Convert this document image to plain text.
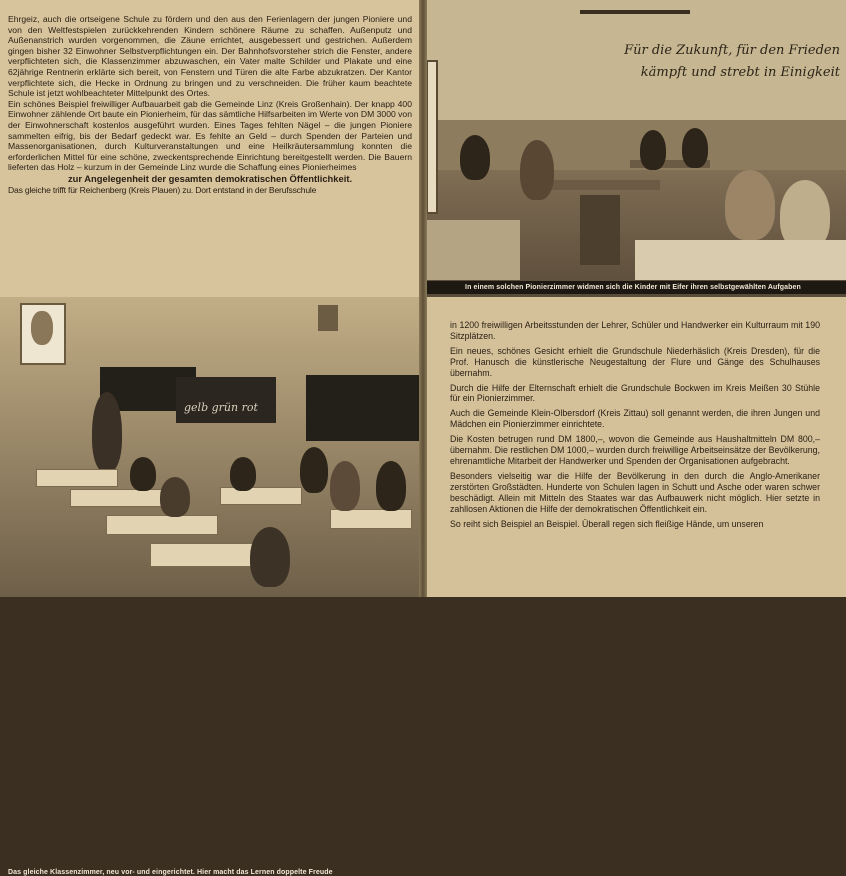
Ehrgeiz, auch die ortseigene Schule zu fördern und den aus den Ferienlagern der jungen Pioniere und von den Weltfestspielen zurückkehrenden Kindern schönere Räume zu schaffen. Außenputz und Außenanstrich wurden vorgenommen, die Zäune errichtet, ausgebessert und gestrichen. Außerdem gingen bisher 32 Einwohner Selbstverpflichtungen ein. Der Bahnhofsvorsteher strich die Fenster, andere verpflichteten sich, die Klassenzimmer abzuwaschen, ein Vater malte Schilder und Plakate und eine 62jährige Rentnerin erklärte sich bereit, von Fenstern und Türen die alte Farbe abzukratzen. Der Kantor verpflichtete sich, die Hecke in Ordnung zu bringen und zu verschneiden. Die früher kaum beachtete Schule ist jetzt wohlbeachteter Mittelpunkt des Ortes.

Ein schönes Beispiel freiwilliger Aufbauarbeit gab die Gemeinde Linz (Kreis Großenhain). Der knapp 400 Einwohner zählende Ort baute ein Pionierheim, für das sämtliche Hilfsarbeiten im Werte von DM 3000 von der Einwohnerschaft kostenlos ausgeführt wurden. Eines Tages fehlten Nägel – die jungen Pioniere sammelten eifrig, bis der Bedarf gedeckt war. Es fehlte an Geld – durch Spenden der Parteien und Massenorganisationen, durch Kulturveranstaltungen und eine Heilkräutersammlung konnten die erforderlichen Mittel für eine schöne, zweckentsprechende Einrichtung bereitgestellt werden. Die Bauern lieferten das Holz – kurzum in der Gemeinde Linz wurde die Schaffung eines Pionierheimes

zur Angelegenheit der gesamten demokratischen Öffentlichkeit.

Das gleiche trifft für Reichenberg (Kreis Plauen) zu. Dort entstand in der Berufsschule

In einem solchen Pionierzimmer widmen sich die Kinder mit Eifer ihren selbstgewählten Aufgaben
Für die Zukunft, für den Frieden
kämpft und strebt in Einigkeit
gelb grün rot
Das gleiche Klassenzimmer, neu vor- und eingerichtet. Hier macht das Lernen doppelte Freude

in 1200 freiwilligen Arbeitsstunden der Lehrer, Schüler und Handwerker ein Kulturraum mit 190 Sitzplätzen.

Ein neues, schönes Gesicht erhielt die Grundschule Niederhäslich (Kreis Dresden), für die Prof. Hanusch die künstlerische Neugestaltung der Flure und Gänge des Schulhauses übernahm.

Durch die Hilfe der Elternschaft erhielt die Grundschule Bockwen im Kreis Meißen 30 Stühle für ein Pionierzimmer.

Auch die Gemeinde Klein-Olbersdorf (Kreis Zittau) soll genannt werden, die ihren Jungen und Mädchen ein Pionierzimmer einrichtete.

Die Kosten betrugen rund DM 1800,–, wovon die Gemeinde aus Haushaltmitteln DM 800,– übernahm. Die restlichen DM 1000,– wurden durch freiwillige Arbeitseinsätze der Bevölkerung, ehrenamtliche Mitarbeit der Handwerker und Spenden der Organisationen aufgebracht.

Besonders vielseitig war die Hilfe der Bevölkerung in den durch die Anglo-Amerikaner zerstörten Großstädten. Hunderte von Schulen lagen in Schutt und Asche oder waren schwer beschädigt. Allein mit Mitteln des Staates war das Aufbauwerk nicht möglich. Hier setzte in zahllosen Aktionen die Hilfe der demokratischen Öffentlichkeit ein.

So reiht sich Beispiel an Beispiel. Überall regen sich fleißige Hände, um unseren
